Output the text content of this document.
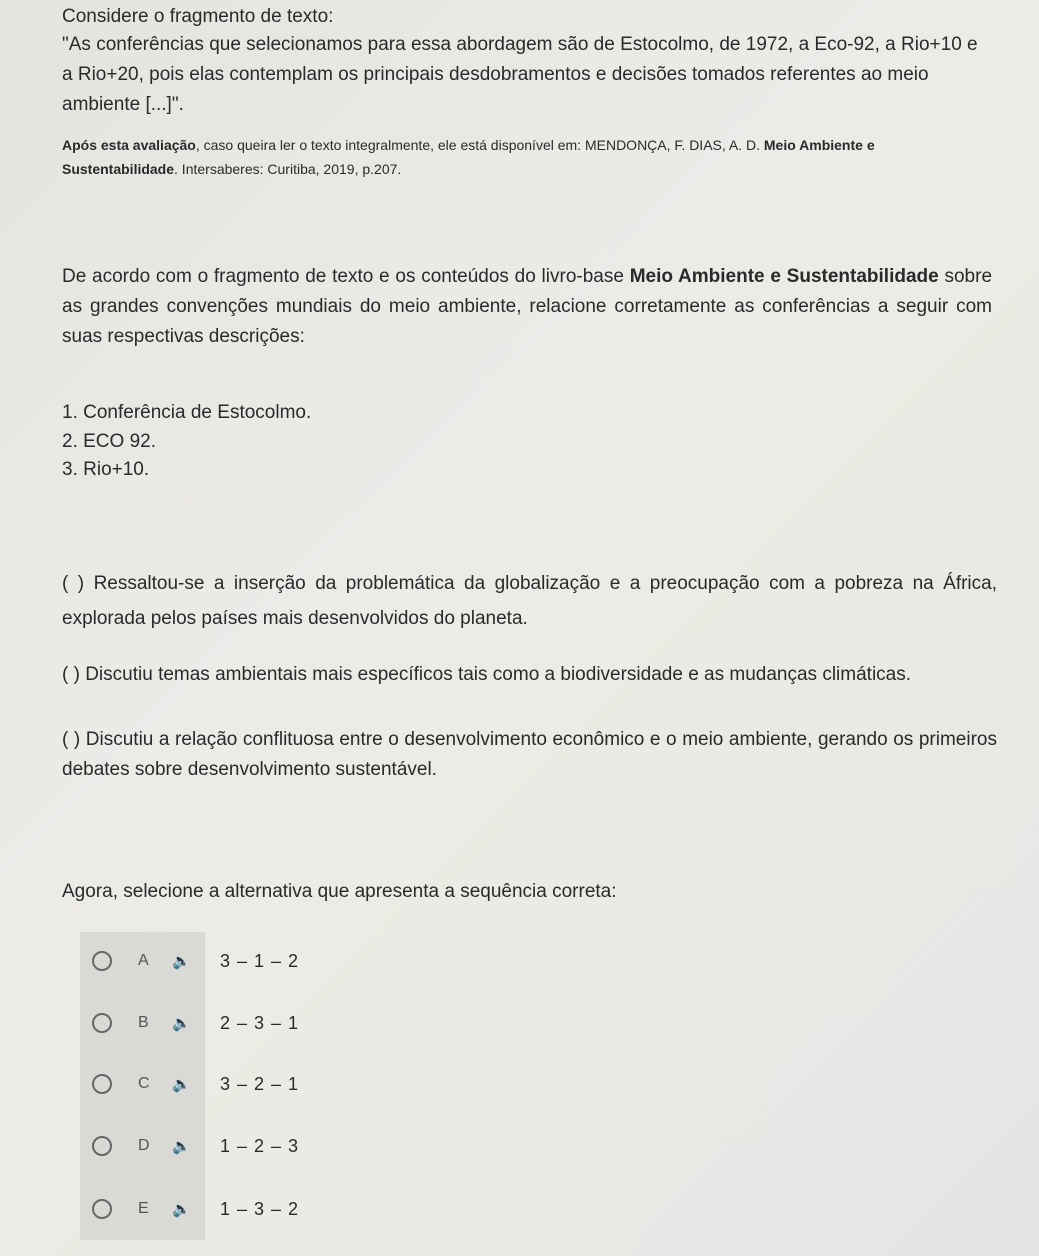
Considere o fragmento de texto:
"As conferências que selecionamos para essa abordagem são de Estocolmo, de 1972, a Eco-92, a Rio+10 e a Rio+20, pois elas contemplam os principais desdobramentos e decisões tomados referentes ao meio ambiente [...]".
Após esta avaliação, caso queira ler o texto integralmente, ele está disponível em: MENDONÇA, F. DIAS, A. D. Meio Ambiente e Sustentabilidade. Intersaberes: Curitiba, 2019, p.207.
De acordo com o fragmento de texto e os conteúdos do livro-base Meio Ambiente e Sustentabilidade sobre as grandes convenções mundiais do meio ambiente, relacione corretamente as conferências a seguir com suas respectivas descrições:
1. Conferência de Estocolmo.
2. ECO 92.
3. Rio+10.
( ) Ressaltou-se a inserção da problemática da globalização e a preocupação com a pobreza na África, explorada pelos países mais desenvolvidos do planeta.
( ) Discutiu temas ambientais mais específicos tais como a biodiversidade e as mudanças climáticas.
( ) Discutiu a relação conflituosa entre o desenvolvimento econômico e o meio ambiente, gerando os primeiros debates sobre desenvolvimento sustentável.
Agora, selecione a alternativa que apresenta a sequência correta:
A 🔈 3 – 1 – 2
B 🔈 2 – 3 – 1
C 🔈 3 – 2 – 1
D 🔈 1 – 2 – 3
E 🔈 1 – 3 – 2
